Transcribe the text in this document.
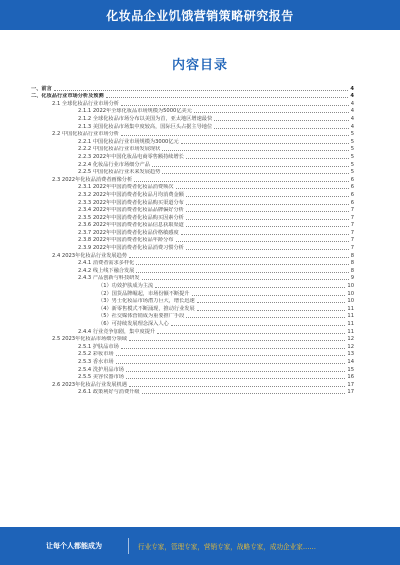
化妆品企业饥饿营销策略研究报告
内容目录
一、前言	4
二、化妆品行业市场分析及预测	4
2.1 全球化妆品行业市场分析	4
2.1.1 2022年全球化妆品市场规模为5000亿美元	4
2.1.2 全球化妆品市场分布以美国为首，亚太地区增速最快	4
2.1.3 美国化妆品市场集中度较高，国际巨头占据主导地位	4
2.2 中国化妆品行业市场分析	5
2.2.1 中国化妆品行业市场规模为3000亿元	5
2.2.2 中国化妆品行业市场发展现状	5
2.2.3 2022年中国化妆品电商零售额持续增长	5
2.2.4 化妆品行业市场细分产品	5
2.2.5 中国化妆品行业未来发展趋势	5
2.3 2022年化妆品消费者画像分析	6
2.3.1 2022年中国消费者化妆品消费频次	6
2.3.2 2022年中国消费者化妆品月均消费金额	6
2.3.3 2022年中国消费者化妆品购买渠道分布	6
2.3.4 2022年中国消费者化妆品品牌偏好分析	7
2.3.5 2022年中国消费者化妆品购买因素分析	7
2.3.6 2022年中国消费者化妆品信息获取渠道	7
2.3.7 2022年中国消费者化妆品价格敏感度	7
2.3.8 2022年中国消费者化妆品年龄分布	7
2.3.9 2022年中国消费者化妆品消费习惯分析	7
2.4 2023年化妆品行业发展趋势	8
2.4.1 消费者需求多样化	8
2.4.2 线上线下融合发展	8
2.4.3 产品创新与科技研发	9
（1）功效护肤成为主流	10
（2）国货品牌崛起，市场份额不断提升	10
（3）男士化妆品市场潜力巨大，增长迅速	10
（4）新零售模式不断涌现，推动行业发展	11
（5）社交媒体营销成为重要推广手段	11
（6）可持续发展理念深入人心	11
2.4.4 行业竞争加剧，集中度提升	11
2.5 2023年化妆品市场细分领域	12
2.5.1 护肤品市场	12
2.5.2 彩妆市场	13
2.5.3 香水市场	14
2.5.4 洗护用品市场	15
2.5.5 美容仪器市场	16
2.6 2023年化妆品行业发展机遇	17
2.6.1 政策利好与消费升级	17
让每个人都能成为	行业专家，管理专家，营销专家，战略专家，成功企业家……
